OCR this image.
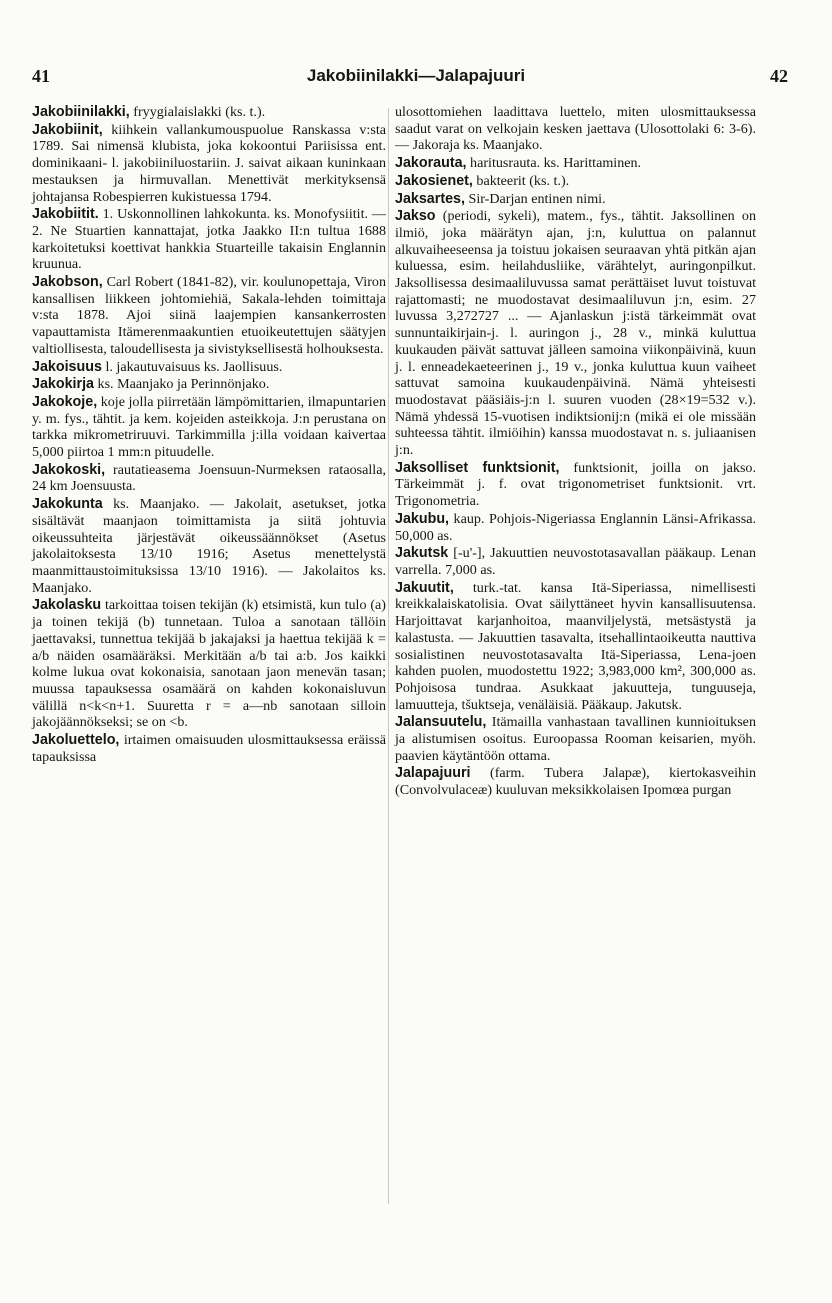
41	Jakobiinilakki—Jalapajuuri	42

Jakobiinilakki, fryygialaislakki (ks. t.).

Jakobiinit, kiihkein vallankumouspuolue Ranskassa v:sta 1789. Sai nimensä klubista, joka kokoontui Pariisissa ent. dominikaani- l. jakobiiniluostariin. J. saivat aikaan kuninkaan mestauksen ja hirmuvallan. Menettivät merkityksensä johtajansa Robespierren kukistuessa 1794.

Jakobiitit. 1. Uskonnollinen lahkokunta. ks. Monofysiitit. — 2. Ne Stuartien kannattajat, jotka Jaakko II:n tultua 1688 karkoitetuksi koettivat hankkia Stuarteille takaisin Englannin kruunua.

Jakobson, Carl Robert (1841-82), vir. koulunopettaja, Viron kansallisen liikkeen johtomiehiä, Sakala-lehden toimittaja v:sta 1878. Ajoi siinä laajempien kansankerrosten vapauttamista Itämerenmaakuntien etuoikeutettujen säätyjen valtiollisesta, taloudellisesta ja sivistyksellisestä holhouksesta.

Jakoisuus l. jakautuvaisuus ks. Jaollisuus.

Jakokirja ks. Maanjako ja Perinnönjako.

Jakokoje, koje jolla piirretään lämpömittarien, ilmapuntarien y. m. fys., tähtit. ja kem. kojeiden asteikkoja. J:n perustana on tarkka mikrometriruuvi. Tarkimmilla j:illa voidaan kaivertaa 5,000 piirtoa 1 mm:n pituudelle.

Jakokoski, rautatieasema Joensuun-Nurmeksen rataosalla, 24 km Joensuusta.

Jakokunta ks. Maanjako. — Jakolait, asetukset, jotka sisältävät maanjaon toimittamista ja siitä johtuvia oikeussuhteita järjestävät oikeussäännökset (Asetus jakolaitoksesta 13/10 1916; Asetus menettelystä maanmittaustoimituksissa 13/10 1916). — Jakolaitos ks. Maanjako.

Jakolasku tarkoittaa toisen tekijän (k) etsimistä, kun tulo (a) ja toinen tekijä (b) tunnetaan. Tuloa a sanotaan tällöin jaettavaksi, tunnettua tekijää b jakajaksi ja haettua tekijää k = a/b näiden osamääräksi. Merkitään a/b tai a:b. Jos kaikki kolme lukua ovat kokonaisia, sanotaan jaon menevän tasan; muussa tapauksessa osamäärä on kahden kokonaisluvun välillä n<k<n+1. Suuretta r = a—nb sanotaan silloin jakojäännökseksi; se on <b.

Jakoluettelo, irtaimen omaisuuden ulosmittauksessa eräissä tapauksissa

ulosottomiehen laadittava luettelo, miten ulosmittauksessa saadut varat on velkojain kesken jaettava (Ulosottolaki 6: 3-6). — Jakoraja ks. Maanjako.

Jakorauta, haritusrauta. ks. Harittaminen.

Jakosienet, bakteerit (ks. t.).

Jaksartes, Sir-Darjan entinen nimi.

Jakso (periodi, sykeli), matem., fys., tähtit. Jaksollinen on ilmiö, joka määrätyn ajan, j:n, kuluttua on palannut alkuvaiheeseensa ja toistuu jokaisen seuraavan yhtä pitkän ajan kuluessa, esim. heilahdusliike, värähtelyt, auringonpilkut. Jaksollisessa desimaaliluvussa samat perättäiset luvut toistuvat rajattomasti; ne muodostavat desimaaliluvun j:n, esim. 27 luvussa 3,272727 ... — Ajanlaskun j:istä tärkeimmät ovat sunnuntaikirjain-j. l. auringon j., 28 v., minkä kuluttua kuukauden päivät sattuvat jälleen samoina viikonpäivinä, kuun j. l. enneadekaeteerinen j., 19 v., jonka kuluttua kuun vaiheet sattuvat samoina kuukaudenpäivinä. Nämä yhteisesti muodostavat pääsiäis-j:n l. suuren vuoden (28×19=532 v.). Nämä yhdessä 15-vuotisen indiktsionij:n (mikä ei ole missään suhteessa tähtit. ilmiöihin) kanssa muodostavat n. s. juliaanisen j:n.

Jaksolliset funktsionit, funktsionit, joilla on jakso. Tärkeimmät j. f. ovat trigonometriset funktsionit. vrt. Trigonometria.

Jakubu, kaup. Pohjois-Nigeriassa Englannin Länsi-Afrikassa. 50,000 as.

Jakutsk [-u'-], Jakuuttien neuvostotasavallan pääkaup. Lenan varrella. 7,000 as.

Jakuutit, turk.-tat. kansa Itä-Siperiassa, nimellisesti kreikkalaiskatolisia. Ovat säilyttäneet hyvin kansallisuutensa. Harjoittavat karjanhoitoa, maanviljelystä, metsästystä ja kalastusta. — Jakuuttien tasavalta, itsehallintaoikeutta nauttiva sosialistinen neuvostotasavalta Itä-Siperiassa, Lena-joen kahden puolen, muodostettu 1922; 3,983,000 km², 300,000 as. Pohjoisosa tundraa. Asukkaat jakuutteja, tunguuseja, lamuutteja, tšuktseja, venäläisiä. Pääkaup. Jakutsk.

Jalansuutelu, Itämailla vanhastaan tavallinen kunnioituksen ja alistumisen osoitus. Euroopassa Rooman keisarien, myöh. paavien käytäntöön ottama.

Jalapajuuri (farm. Tubera Jalapæ), kiertokasveihin (Convolvulaceæ) kuuluvan meksikkolaisen Ipomœa purgan
